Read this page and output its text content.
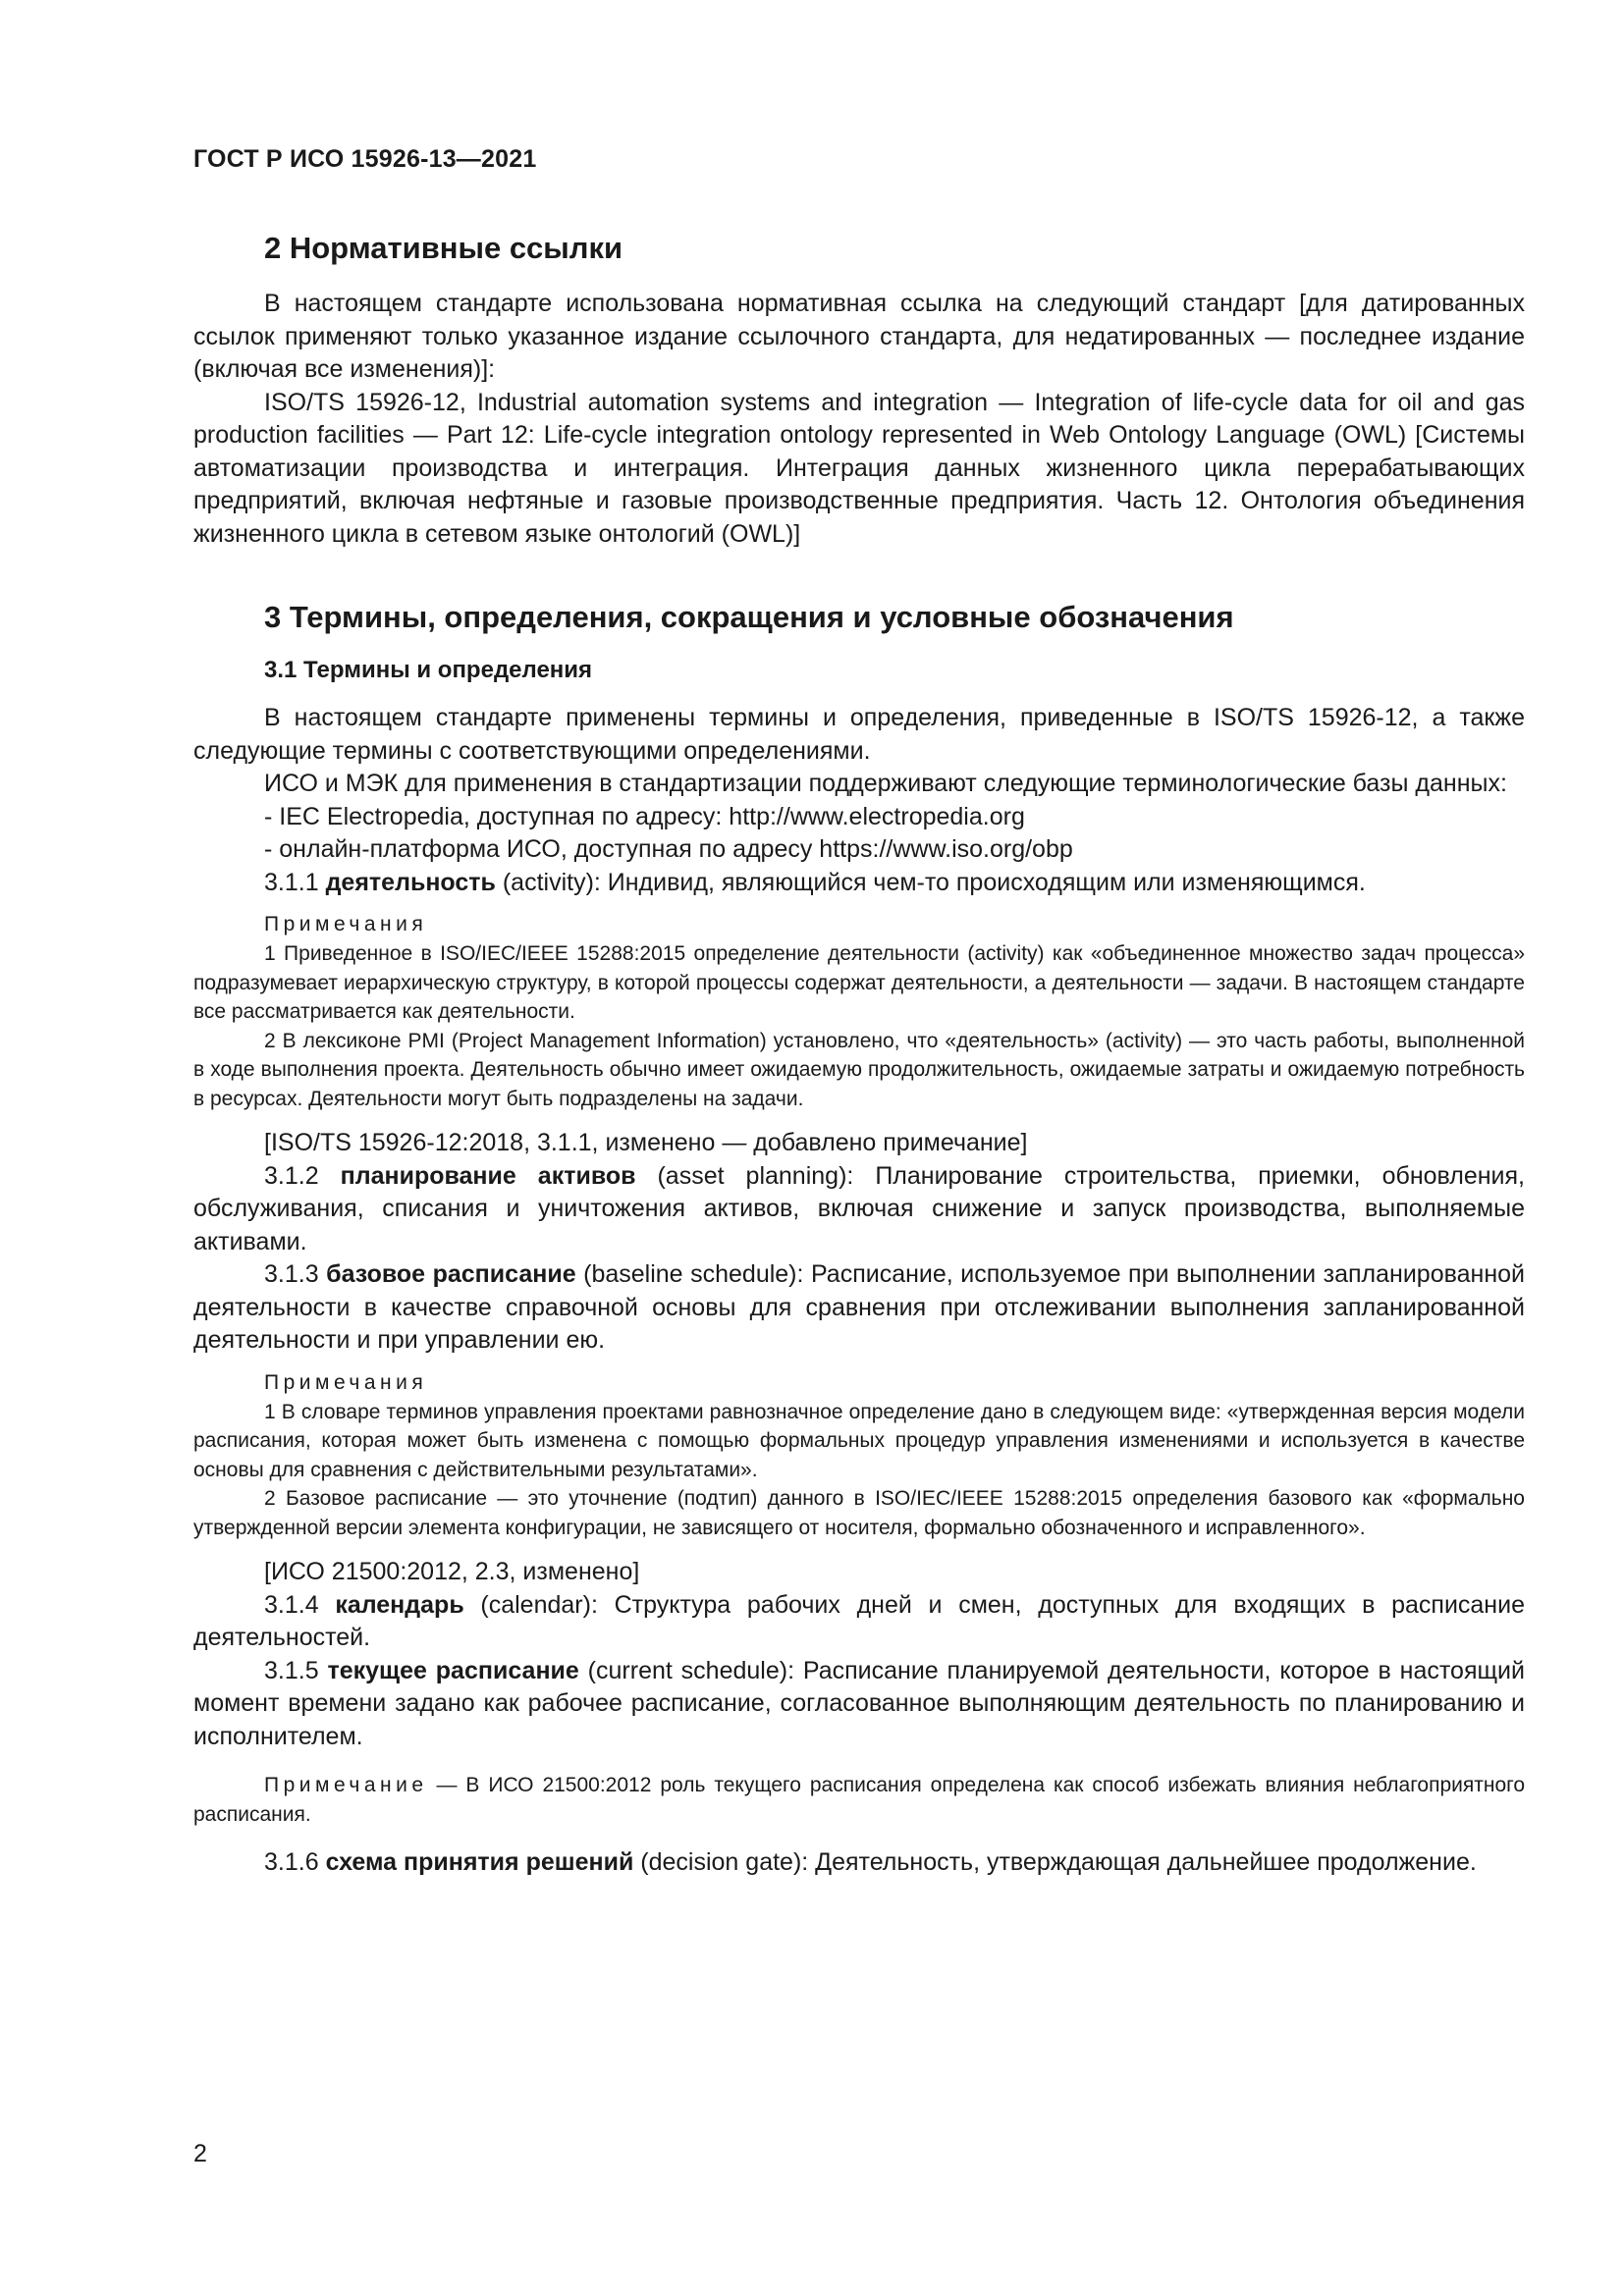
ГОСТ Р ИСО 15926-13—2021
2 Нормативные ссылки

В настоящем стандарте использована нормативная ссылка на следующий стандарт [для датированных ссылок применяют только указанное издание ссылочного стандарта, для недатированных — последнее издание (включая все изменения)]:

ISO/TS 15926-12, Industrial automation systems and integration — Integration of life-cycle data for oil and gas production facilities — Part 12: Life-cycle integration ontology represented in Web Ontology Language (OWL) [Системы автоматизации производства и интеграция. Интеграция данных жизненного цикла перерабатывающих предприятий, включая нефтяные и газовые производственные предприятия. Часть 12. Онтология объединения жизненного цикла в сетевом языке онтологий (OWL)]

3 Термины, определения, сокращения и условные обозначения
3.1 Термины и определения

В настоящем стандарте применены термины и определения, приведенные в ISO/TS 15926-12, а также следующие термины с соответствующими определениями.

ИСО и МЭК для применения в стандартизации поддерживают следующие терминологические базы данных:

- IEC Electropedia, доступная по адресу: http://www.electropedia.org

- онлайн-платформа ИСО, доступная по адресу https://www.iso.org/obp

3.1.1 деятельность (activity): Индивид, являющийся чем-то происходящим или изменяющимся.

Примечания

1 Приведенное в ISO/IEC/IEEE 15288:2015 определение деятельности (activity) как «объединенное множество задач процесса» подразумевает иерархическую структуру, в которой процессы содержат деятельности, а деятельности — задачи. В настоящем стандарте все рассматривается как деятельности.

2 В лексиконе PMI (Project Management Information) установлено, что «деятельность» (activity) — это часть работы, выполненной в ходе выполнения проекта. Деятельность обычно имеет ожидаемую продолжительность, ожидаемые затраты и ожидаемую потребность в ресурсах. Деятельности могут быть подразделены на задачи.

[ISO/TS 15926-12:2018, 3.1.1, изменено — добавлено примечание]

3.1.2 планирование активов (asset planning): Планирование строительства, приемки, обновления, обслуживания, списания и уничтожения активов, включая снижение и запуск производства, выполняемые активами.

3.1.3 базовое расписание (baseline schedule): Расписание, используемое при выполнении запланированной деятельности в качестве справочной основы для сравнения при отслеживании выполнения запланированной деятельности и при управлении ею.

Примечания

1 В словаре терминов управления проектами равнозначное определение дано в следующем виде: «утвержденная версия модели расписания, которая может быть изменена с помощью формальных процедур управления изменениями и используется в качестве основы для сравнения с действительными результатами».

2 Базовое расписание — это уточнение (подтип) данного в ISO/IEC/IEEE 15288:2015 определения базового как «формально утвержденной версии элемента конфигурации, не зависящего от носителя, формально обозначенного и исправленного».

[ИСО 21500:2012, 2.3, изменено]

3.1.4 календарь (calendar): Структура рабочих дней и смен, доступных для входящих в расписание деятельностей.

3.1.5 текущее расписание (current schedule): Расписание планируемой деятельности, которое в настоящий момент времени задано как рабочее расписание, согласованное выполняющим деятельность по планированию и исполнителем.

Примечание — В ИСО 21500:2012 роль текущего расписания определена как способ избежать влияния неблагоприятного расписания.

3.1.6 схема принятия решений (decision gate): Деятельность, утверждающая дальнейшее продолжение.

2
